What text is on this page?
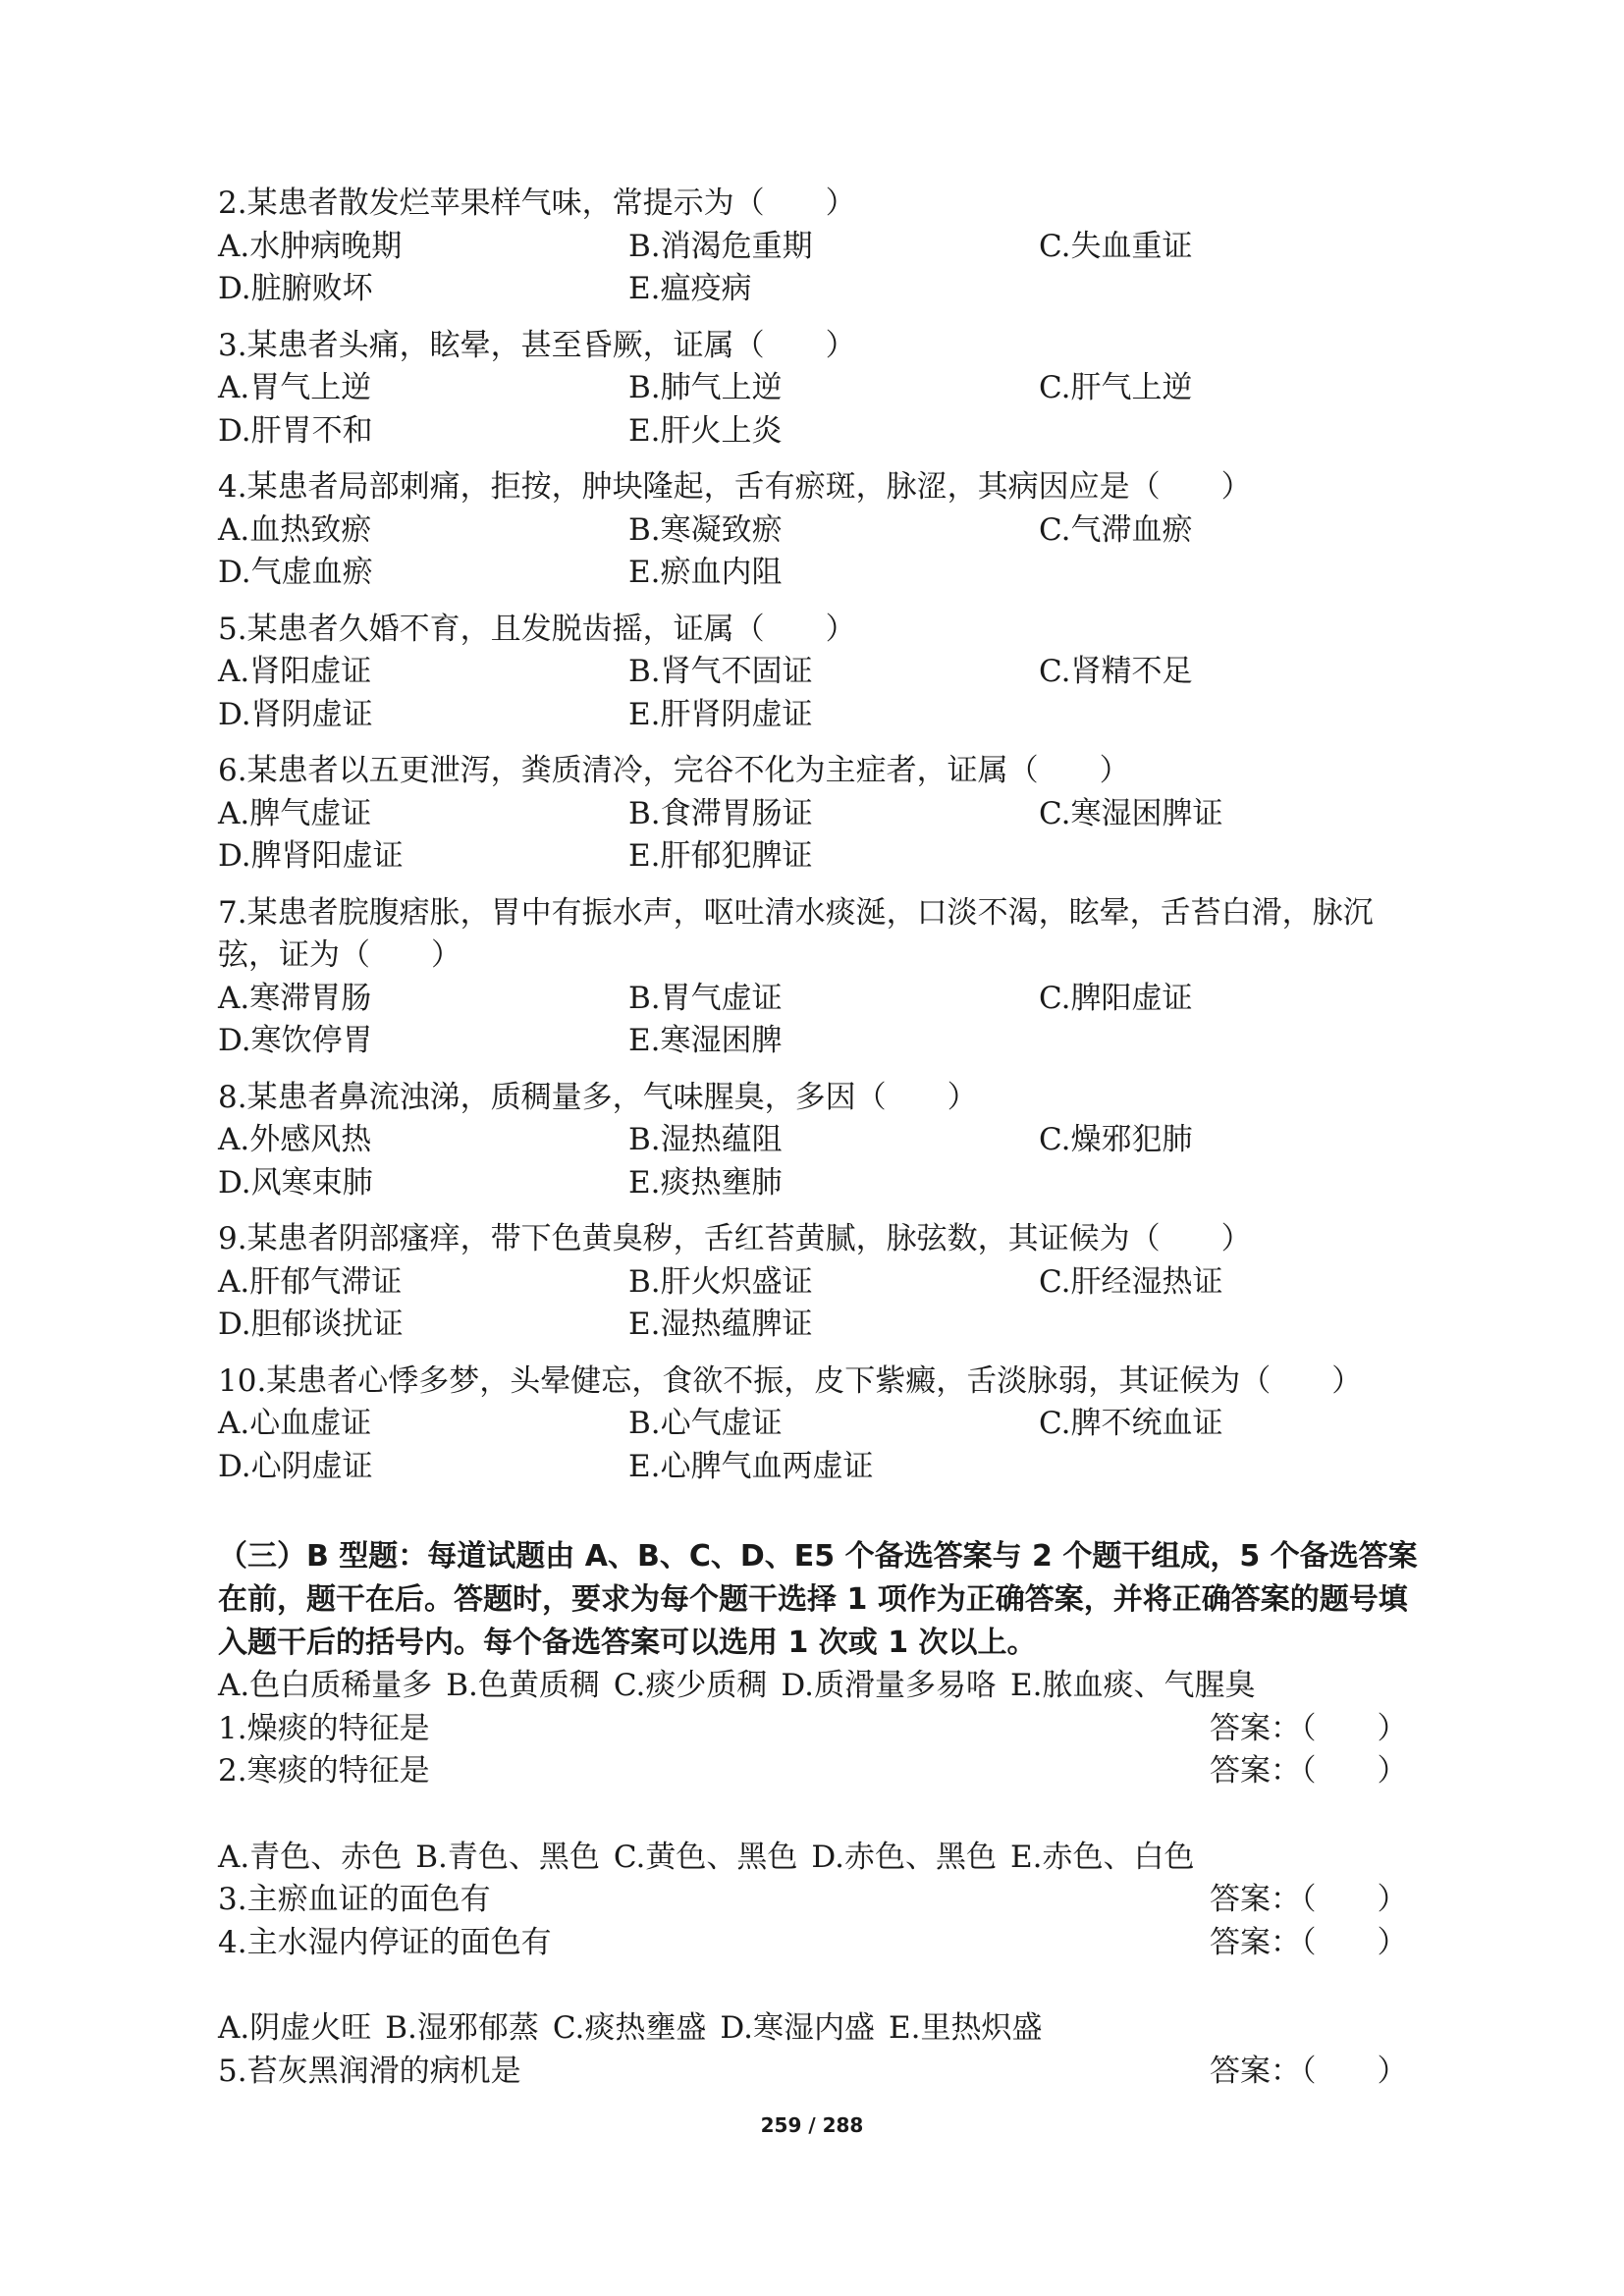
2.某患者散发烂苹果样气味，常提示为（　　）
A.水肿病晚期	B.消渴危重期	C.失血重证
D.脏腑败坏	E.瘟疫病
3.某患者头痛，眩晕，甚至昏厥，证属（　　）
A.胃气上逆	B.肺气上逆	C.肝气上逆
D.肝胃不和	E.肝火上炎
4.某患者局部刺痛，拒按，肿块隆起，舌有瘀斑，脉涩，其病因应是（　　）
A.血热致瘀	B.寒凝致瘀	C.气滞血瘀
D.气虚血瘀	E.瘀血内阻
5.某患者久婚不育，且发脱齿摇，证属（　　）
A.肾阳虚证	B.肾气不固证	C.肾精不足
D.肾阴虚证	E.肝肾阴虚证
6.某患者以五更泄泻，粪质清冷，完谷不化为主症者，证属（　　）
A.脾气虚证	B.食滞胃肠证	C.寒湿困脾证
D.脾肾阳虚证	E.肝郁犯脾证
7.某患者脘腹痞胀，胃中有振水声，呕吐清水痰涎，口淡不渴，眩晕，舌苔白滑，脉沉弦，证为（　　）
A.寒滞胃肠	B.胃气虚证	C.脾阳虚证
D.寒饮停胃	E.寒湿困脾
8.某患者鼻流浊涕，质稠量多，气味腥臭，多因（　　）
A.外感风热	B.湿热蕴阻	C.燥邪犯肺
D.风寒束肺	E.痰热壅肺
9.某患者阴部瘙痒，带下色黄臭秽，舌红苔黄腻，脉弦数，其证候为（　　）
A.肝郁气滞证	B.肝火炽盛证	C.肝经湿热证
D.胆郁谈扰证	E.湿热蕴脾证
10.某患者心悸多梦，头晕健忘，食欲不振，皮下紫癜，舌淡脉弱，其证候为（　　）
A.心血虚证	B.心气虚证	C.脾不统血证
D.心阴虚证	E.心脾气血两虚证
（三）B 型题：每道试题由 A、B、C、D、E5 个备选答案与 2 个题干组成，5 个备选答案在前，题干在后。答题时，要求为每个题干选择 1 项作为正确答案，并将正确答案的题号填入题干后的括号内。每个备选答案可以选用 1 次或 1 次以上。
A.色白质稀量多 B.色黄质稠 C.痰少质稠 D.质滑量多易咯 E.脓血痰、气腥臭
1.燥痰的特征是	答案：（　　）
2.寒痰的特征是	答案：（　　）
A.青色、赤色 B.青色、黑色 C.黄色、黑色 D.赤色、黑色 E.赤色、白色
3.主瘀血证的面色有	答案：（　　）
4.主水湿内停证的面色有	答案：（　　）
A.阴虚火旺 B.湿邪郁蒸 C.痰热壅盛 D.寒湿内盛 E.里热炽盛
5.苔灰黑润滑的病机是	答案：（　　）
259 / 288
